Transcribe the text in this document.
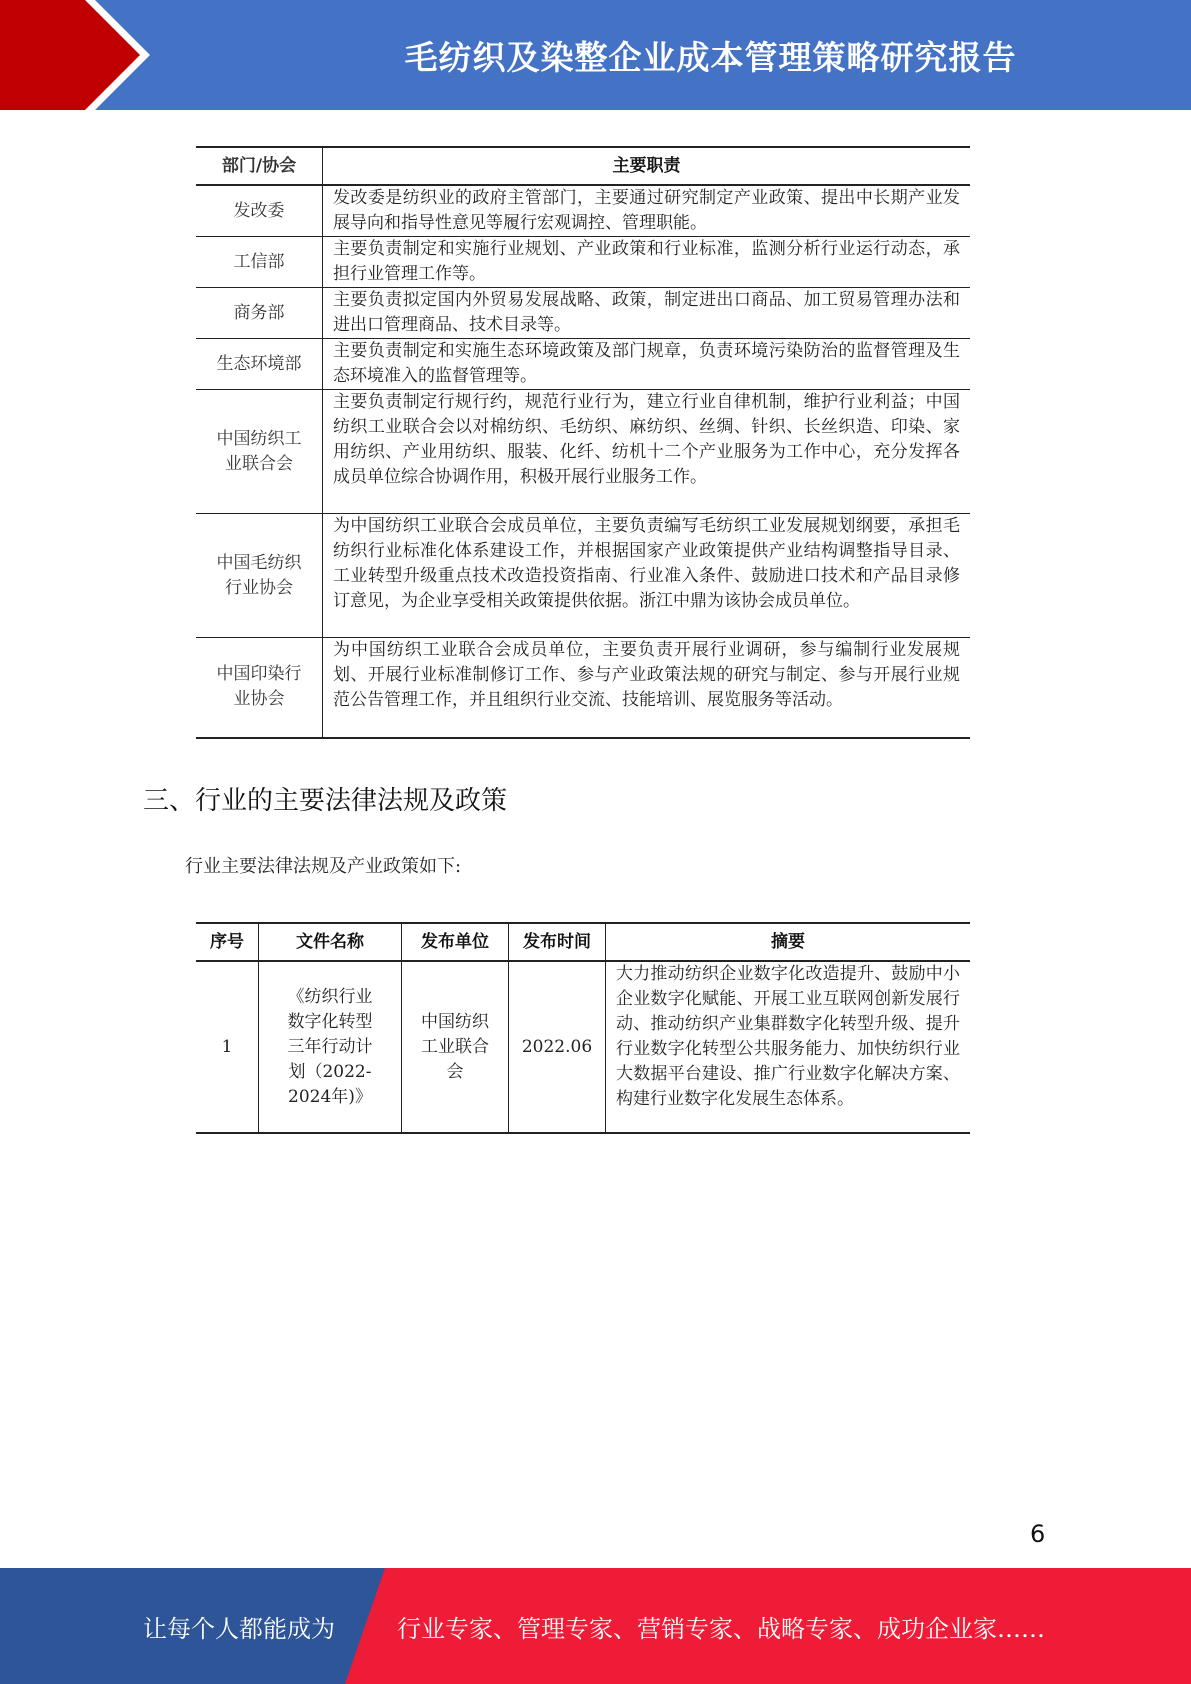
毛纺织及染整企业成本管理策略研究报告
部门/协会	主要职责
发改委	发改委是纺织业的政府主管部门，主要通过研究制定产业政策、提出中长期产业发展导向和指导性意见等履行宏观调控、管理职能。
工信部	主要负责制定和实施行业规划、产业政策和行业标准，监测分析行业运行动态，承担行业管理工作等。
商务部	主要负责拟定国内外贸易发展战略、政策，制定进出口商品、加工贸易管理办法和进出口管理商品、技术目录等。
生态环境部	主要负责制定和实施生态环境政策及部门规章，负责环境污染防治的监督管理及生态环境准入的监督管理等。
中国纺织工业联合会	主要负责制定行规行约，规范行业行为，建立行业自律机制，维护行业利益；中国纺织工业联合会以对棉纺织、毛纺织、麻纺织、丝绸、针织、长丝织造、印染、家用纺织、产业用纺织、服装、化纤、纺机十二个产业服务为工作中心，充分发挥各成员单位综合协调作用，积极开展行业服务工作。
中国毛纺织行业协会	为中国纺织工业联合会成员单位，主要负责编写毛纺织工业发展规划纲要，承担毛纺织行业标准化体系建设工作，并根据国家产业政策提供产业结构调整指导目录、工业转型升级重点技术改造投资指南、行业准入条件、鼓励进口技术和产品目录修订意见，为企业享受相关政策提供依据。浙江中鼎为该协会成员单位。
中国印染行业协会	为中国纺织工业联合会成员单位，主要负责开展行业调研，参与编制行业发展规划、开展行业标准制修订工作、参与产业政策法规的研究与制定、参与开展行业规范公告管理工作，并且组织行业交流、技能培训、展览服务等活动。
三、行业的主要法律法规及政策
行业主要法律法规及产业政策如下:
序号	文件名称	发布单位	发布时间	摘要
1	《纺织行业数字化转型三年行动计划（2022-2024年)》	中国纺织工业联合会	2022.06	大力推动纺织企业数字化改造提升、鼓励中小企业数字化赋能、开展工业互联网创新发展行动、推动纺织产业集群数字化转型升级、提升行业数字化转型公共服务能力、加快纺织行业大数据平台建设、推广行业数字化解决方案、构建行业数字化发展生态体系。
6
让每个人都能成为	行业专家、管理专家、营销专家、战略专家、成功企业家……
